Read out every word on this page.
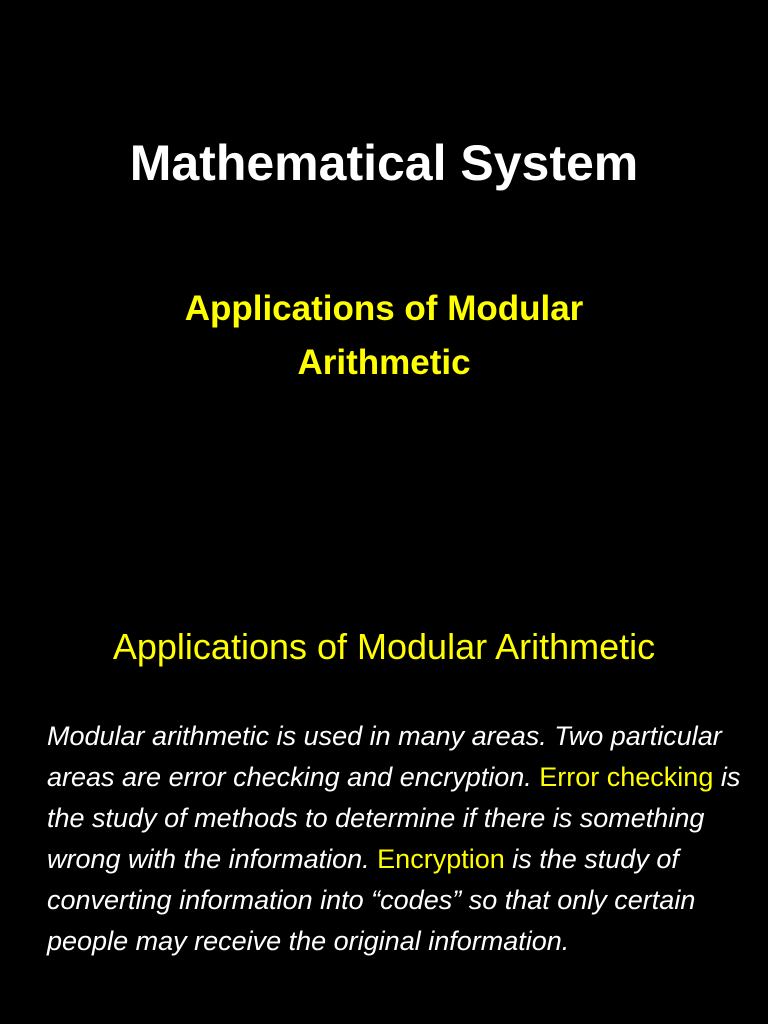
Mathematical System
Applications of Modular
Arithmetic
Applications of Modular Arithmetic

Modular arithmetic is used in many areas. Two particular areas are error checking and encryption. Error checking is the study of methods to determine if there is something wrong with the information. Encryption is the study of converting information into “codes” so that only certain people may receive the original information.
